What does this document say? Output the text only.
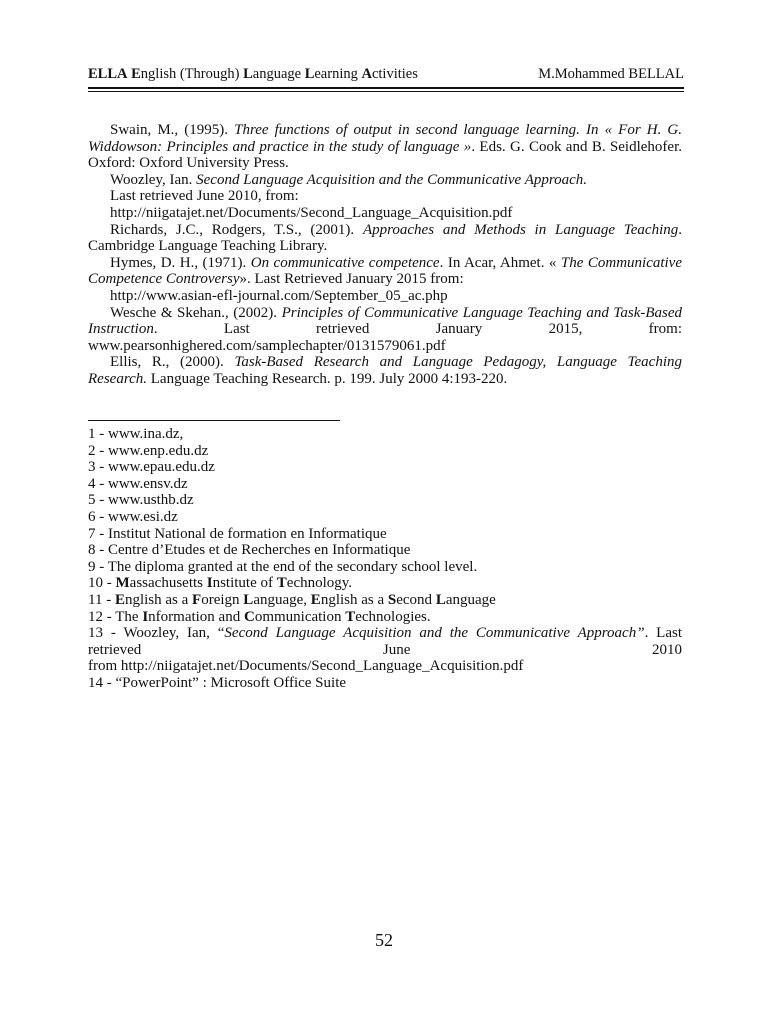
ELLA English (Through) Language Learning Activities	M.Mohammed BELLAL

Swain, M., (1995). Three functions of output in second language learning. In « For H. G. Widdowson: Principles and practice in the study of language ». Eds. G. Cook and B. Seidlehofer. Oxford: Oxford University Press.

Woozley, Ian. Second Language Acquisition and the Communicative Approach.
Last retrieved June 2010, from:
http://niigatajet.net/Documents/Second_Language_Acquisition.pdf

Richards, J.C., Rodgers, T.S., (2001). Approaches and Methods in Language Teaching. Cambridge Language Teaching Library.

Hymes, D. H., (1971). On communicative competence. In Acar, Ahmet. « The Communicative Competence Controversy». Last Retrieved January 2015 from:
http://www.asian-efl-journal.com/September_05_ac.php

Wesche & Skehan., (2002). Principles of Communicative Language Teaching and Task-Based Instruction. Last retrieved January 2015, from: www.pearsonhighered.com/samplechapter/0131579061.pdf

Ellis, R., (2000). Task-Based Research and Language Pedagogy, Language Teaching Research. Language Teaching Research. p. 199. July 2000 4:193-220.

1 - www.ina.dz,

2 - www.enp.edu.dz

3 - www.epau.edu.dz

4 - www.ensv.dz

5 - www.usthb.dz

6 - www.esi.dz

7 - Institut National de formation en Informatique

8 - Centre d’Etudes et de Recherches en Informatique

9 - The diploma granted at the end of the secondary school level.

10 - Massachusetts Institute of Technology.

11 - English as a Foreign Language, English as a Second Language

12 - The Information and Communication Technologies.

13 - Woozley, Ian, “Second Language Acquisition and the Communicative Approach”. Last retrieved June 2010

from http://niigatajet.net/Documents/Second_Language_Acquisition.pdf

14 - “PowerPoint” : Microsoft Office Suite

52
